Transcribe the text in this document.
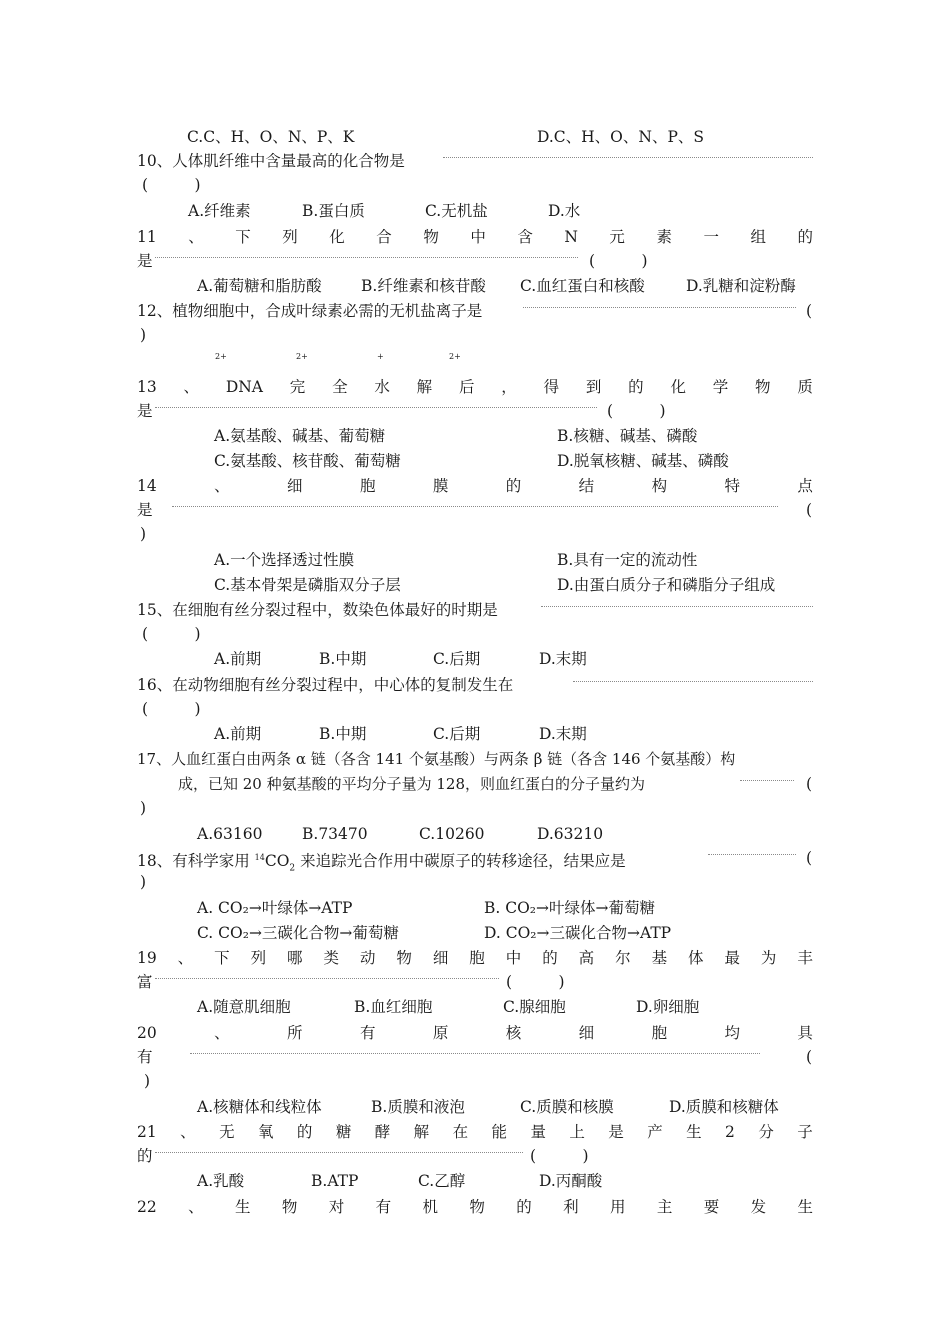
C.C、H、O、N、P、K	D.C、H、O、N、P、S
10、人体肌纤维中含量最高的化合物是
(　　　)
A.纤维素	B.蛋白质	C.无机盐	D.水
11 、 下 列 化 合 物 中 含 N 元 素 一 组 的
是	(　　　)
A.葡萄糖和脂肪酸	B.纤维素和核苷酸 C.血红蛋白和核酸	D.乳糖和淀粉酶
12、植物细胞中，合成叶绿素必需的无机盐离子是	(
)
2+	2+	+	2+
13 、 DNA 完 全 水 解 后 ， 得 到 的 化 学 物 质
是	(　　　)
A.氨基酸、碱基、葡萄糖	B.核糖、碱基、磷酸
C.氨基酸、核苷酸、葡萄糖	D.脱氧核糖、碱基、磷酸
14	、	细	胞	膜	的	结	构	特	点
是	(
)
A.一个选择透过性膜	B.具有一定的流动性
C.基本骨架是磷脂双分子层	D.由蛋白质分子和磷脂分子组成
15、在细胞有丝分裂过程中，数染色体最好的时期是
(　　　)
A.前期	B.中期	C.后期	D.末期
16、在动物细胞有丝分裂过程中，中心体的复制发生在
(　　　)
A.前期	B.中期	C.后期	D.末期
17、人血红蛋白由两条 α 链（各含 141 个氨基酸）与两条 β 链（各含 146 个氨基酸）构
成，已知 20 种氨基酸的平均分子量为 128，则血红蛋白的分子量约为	(
)
A.63160	B.73470	C.10260	D.63210
18、有科学家用 $^{14}CO_2$ 来追踪光合作用中碳原子的转移途径，结果应是	(
)
A. CO₂→叶绿体→ATP	B. CO₂→叶绿体→葡萄糖
C. CO₂→三碳化合物→葡萄糖	D. CO₂→三碳化合物→ATP
19 、 下 列 哪 类 动 物 细 胞 中 的 高 尔 基 体 最 为 丰
富	(　　　)
A.随意肌细胞	B.血红细胞	C.腺细胞	D.卵细胞
20	、	所	有	原	核	细	胞	均	具
有	(
)
A.核糖体和线粒体	B.质膜和液泡	C.质膜和核膜	D.质膜和核糖体
21 、 无 氧 的 糖 酵 解 在 能 量 上 是 产 生 2 分 子
的	(　　　)
A.乳酸	B.ATP	C.乙醇	D.丙酮酸
22 、 生 物 对 有 机 物 的 利 用 主 要 发 生
